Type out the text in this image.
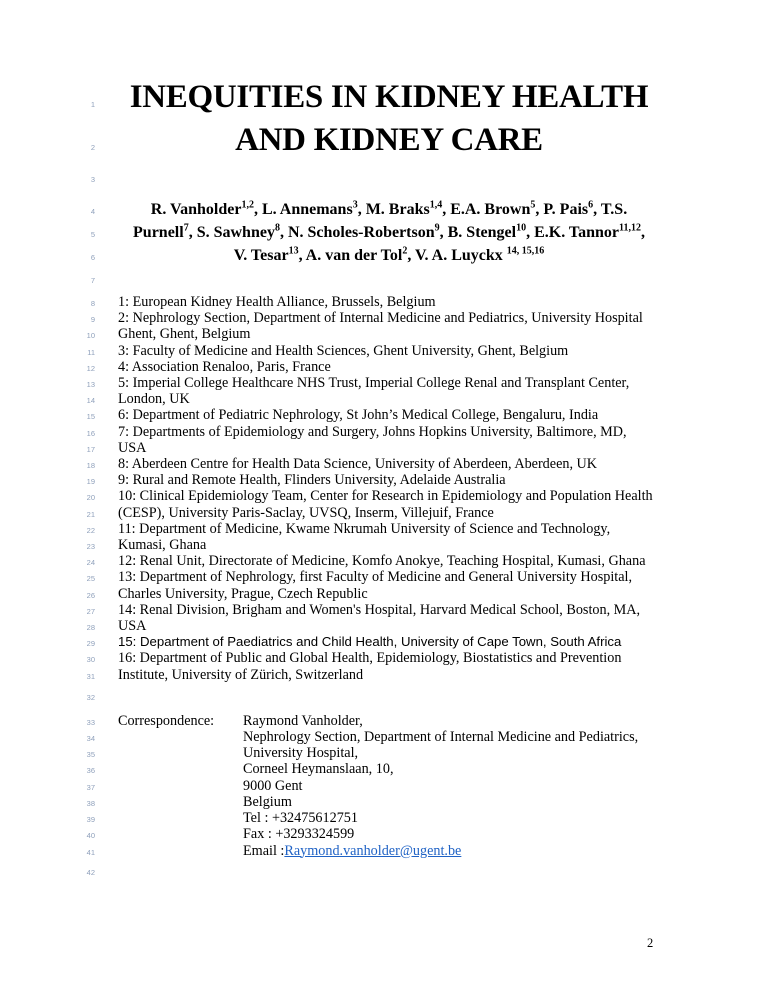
1	INEQUITIES IN KIDNEY HEALTH
2	AND KIDNEY CARE
3
4	R. Vanholder$^{1,2}$, L. Annemans$^3$, M. Braks$^{1,4}$, E.A. Brown$^5$, P. Pais$^6$, T.S.
5	Purnell$^7$, S. Sawhney$^8$, N. Scholes-Robertson$^9$, B. Stengel$^{10}$, E.K. Tannor$^{11,12}$,
6	V. Tesar$^{13}$, A. van der Tol$^2$, V. A. Luyckx $^{14, 15,16}$
7
8 1: European Kidney Health Alliance, Brussels, Belgium
9 2: Nephrology Section, Department of Internal Medicine and Pediatrics, University Hospital
10 Ghent, Ghent, Belgium
11 3: Faculty of Medicine and Health Sciences, Ghent University, Ghent, Belgium
12 4: Association Renaloo, Paris, France
13 5: Imperial College Healthcare NHS Trust, Imperial College Renal and Transplant Center,
14 London, UK
15 6: Department of Pediatric Nephrology, St John’s Medical College, Bengaluru, India
16 7: Departments of Epidemiology and Surgery, Johns Hopkins University, Baltimore, MD,
17 USA
18 8: Aberdeen Centre for Health Data Science, University of Aberdeen, Aberdeen, UK
19 9: Rural and Remote Health, Flinders University, Adelaide Australia
20 10: Clinical Epidemiology Team, Center for Research in Epidemiology and Population Health
21 (CESP), University Paris-Saclay, UVSQ, Inserm, Villejuif, France
22 11: Department of Medicine, Kwame Nkrumah University of Science and Technology,
23 Kumasi, Ghana
24 12: Renal Unit, Directorate of Medicine, Komfo Anokye, Teaching Hospital, Kumasi, Ghana
25 13: Department of Nephrology, first Faculty of Medicine and General University Hospital,
26 Charles University, Prague, Czech Republic
27 14: Renal Division, Brigham and Women's Hospital, Harvard Medical School, Boston, MA,
28 USA
29 15: Department of Paediatrics and Child Health, University of Cape Town, South Africa
30 16: Department of Public and Global Health, Epidemiology, Biostatistics and Prevention
31 Institute, University of Zürich, Switzerland
32
33 Correspondence:	Raymond Vanholder,
34	Nephrology Section, Department of Internal Medicine and Pediatrics,
35	University Hospital,
36	Corneel Heymanslaan, 10,
37	9000 Gent
38	Belgium
39	Tel : +32475612751
40	Fax : +3293324599
41	Email : Raymond.vanholder@ugent.be
42
2
